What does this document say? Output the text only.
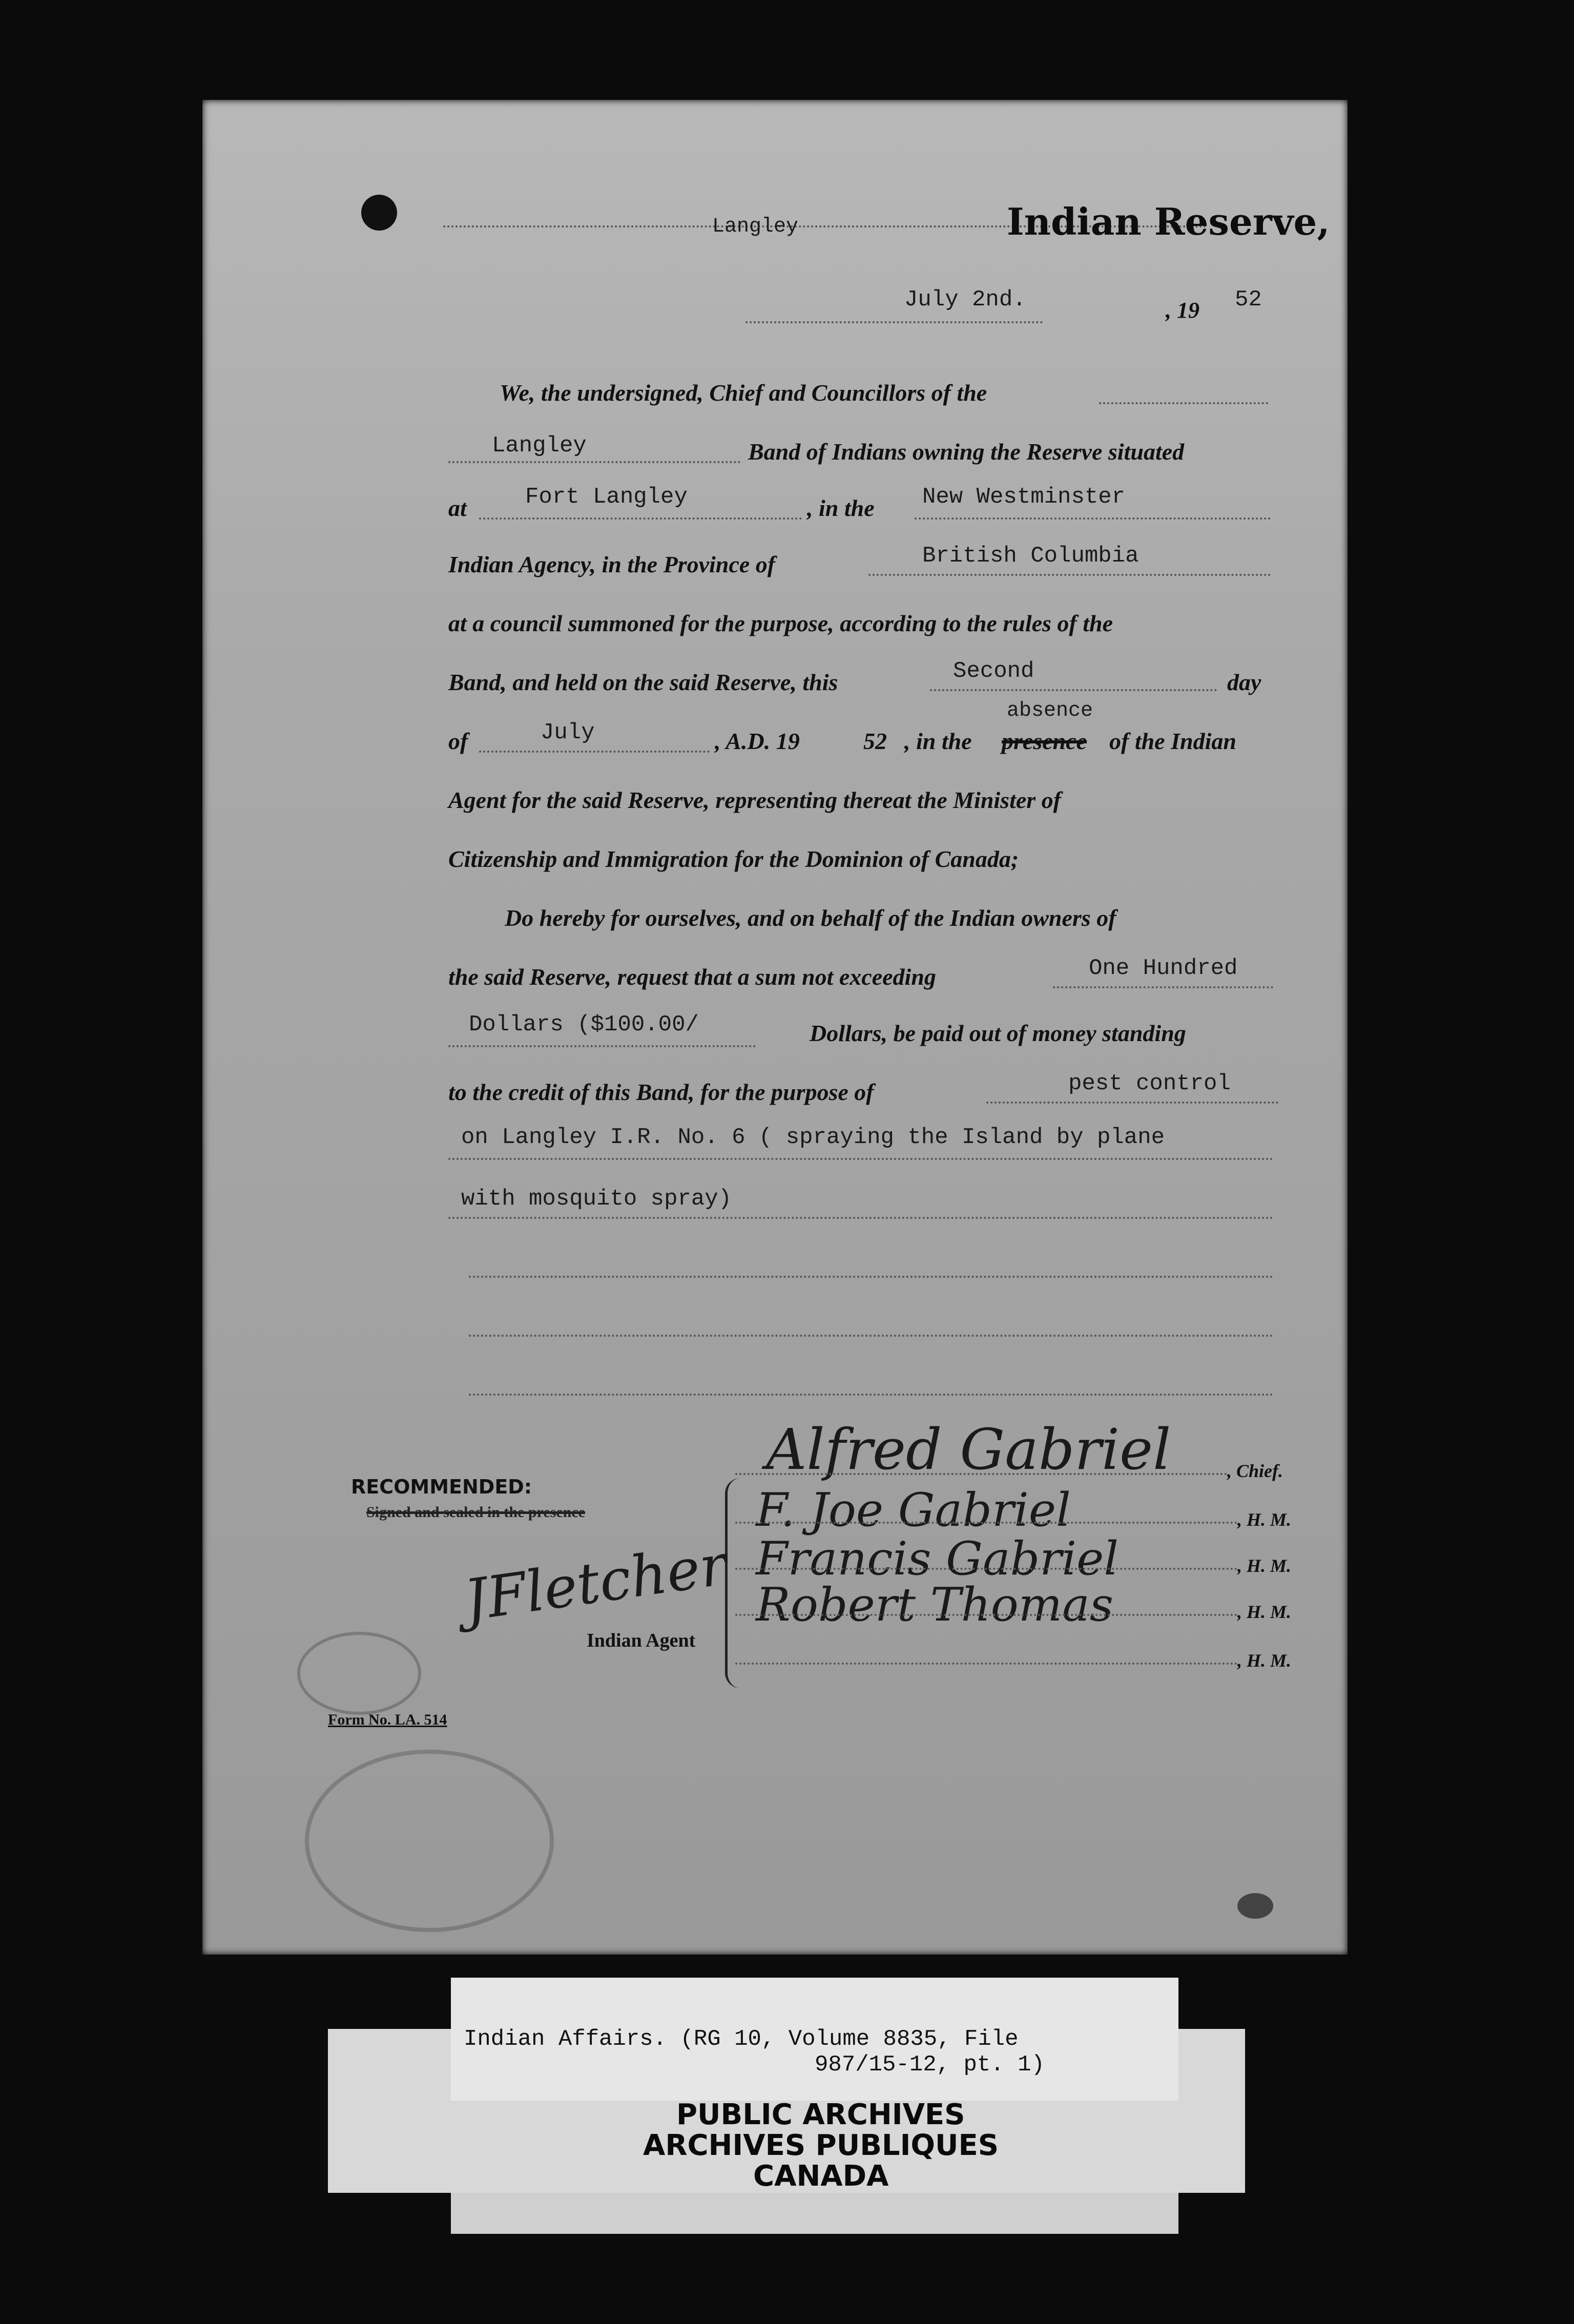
Langley	Indian Reserve,
July 2nd.	, 19 52
We, the undersigned, Chief and Councillors of the
Langley	Band of Indians owning the Reserve situated
at	Fort Langley	, in the New Westminster
Indian Agency, in the Province of	British Columbia
at a council summoned for the purpose, according to the rules of the
Band, and held on the said Reserve, this	Second	day
absence
of	July	, A.D. 19	52 , in the presence of the Indian
Agent for the said Reserve, representing thereat the Minister of
Citizenship and Immigration for the Dominion of Canada;
Do hereby for ourselves, and on behalf of the Indian owners of
the said Reserve, request that a sum not exceeding	One Hundred
Dollars ($100.00/	Dollars, be paid out of money standing
to the credit of this Band, for the purpose of	pest control
on Langley I.R. No. 6 ( spraying the Island by plane
with mosquito spray)
RECOMMENDED:
Signed and sealed in the presence
JFletcher
Indian Agent
Form No. LA. 514
Alfred Gabriel	, Chief.
F. Joe Gabriel	, H. M.
Francis Gabriel	, H. M.
Robert Thomas	, H. M.
, H. M.
Indian Affairs. (RG 10, Volume 8835, File
987/15-12, pt. 1)
PUBLIC ARCHIVES
ARCHIVES PUBLIQUES
CANADA
